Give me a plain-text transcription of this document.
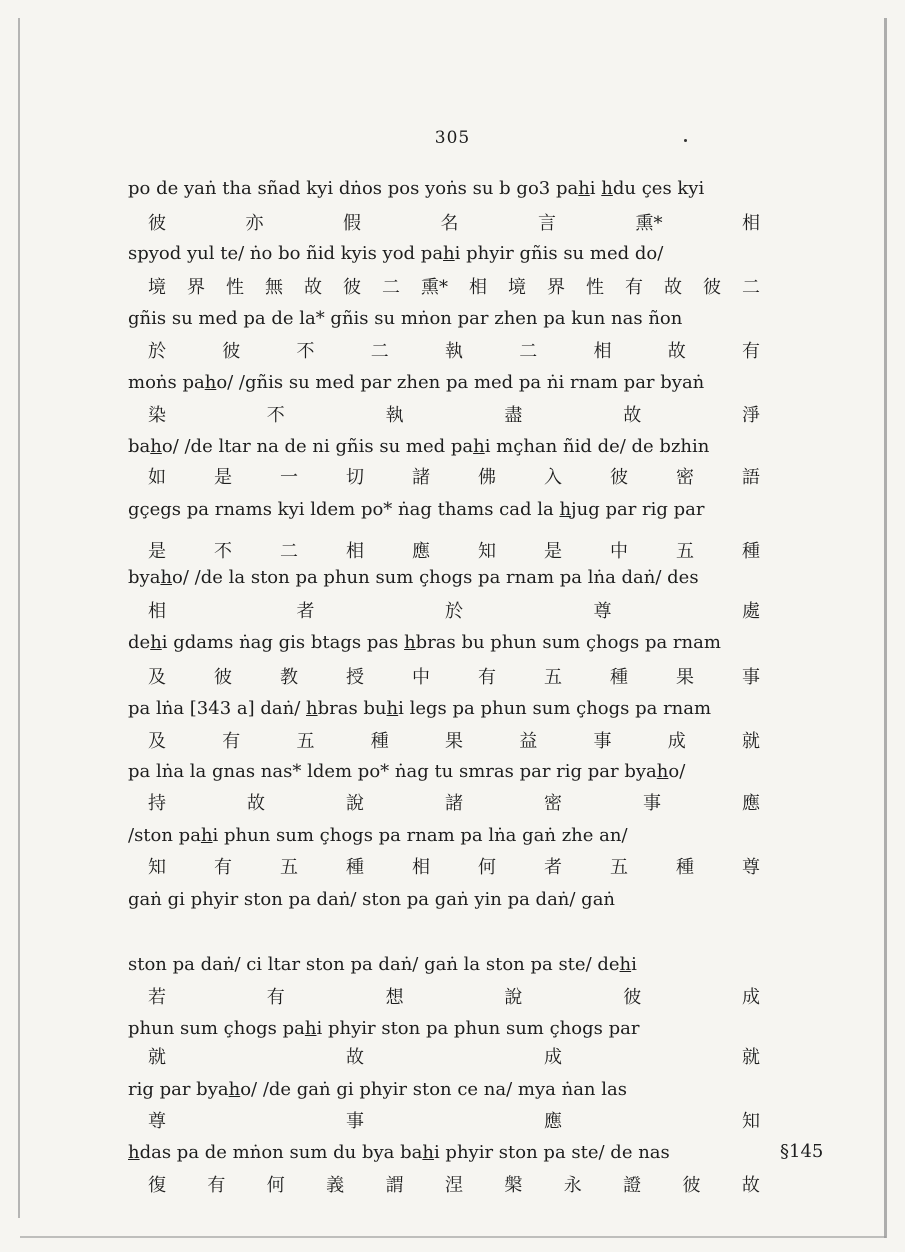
305
po de yaṅ tha sñad kyi dṅos pos yoṅs su b go3 pahi hdu çes kyi
彼	亦	假	名	言	熏*	相
spyod yul te/ ṅo bo ñid kyis yod pahi phyir gñis su med do/
境 界 性 無 故 彼 二 熏* 相 境 界 性 有 故 彼 二
gñis su med pa de la* gñis su mṅon par zhen pa kun nas ñon
於	彼	不	二	執	二	相	故	有
moṅs paho/ /gñis su med par zhen pa med pa ṅi rnam par byaṅ
染	不	執	盡	故	淨
baho/ /de ltar na de ni gñis su med pahi mçhan ñid de/ de bzhin
如	是	一	切	諸	佛	入	彼	密	語
gçegs pa rnams kyi ldem po* ṅag thams cad la hjug par rig par
是	不	二	相	應	知	是	中	五	種
byaho/ /de la ston pa phun sum çhogs pa rnam pa lṅa daṅ/ des
相	者	於	尊	處
dehi gdams ṅag gis btags pas hbras bu phun sum çhogs pa rnam
及	彼	教	授	中	有	五	種	果	事
pa lṅa [343 a] daṅ/ hbras buhi legs pa phun sum çhogs pa rnam
及	有	五	種	果	益	事	成	就
pa lṅa la gnas nas* ldem po* ṅag tu smras par rig par byaho/
持	故	說	諸	密	事	應
/ston pahi phun sum çhogs pa rnam pa lṅa gaṅ zhe an/
知	有	五	種	相	何	者	五	種	尊
gaṅ gi phyir ston pa daṅ/ ston pa gaṅ yin pa daṅ/ gaṅ
ston pa daṅ/ ci ltar ston pa daṅ/ gaṅ la ston pa ste/ dehi
若	有	想	說	彼	成
phun sum çhogs pahi phyir ston pa phun sum çhogs par
就	故	成	就
rig par byaho/ /de gaṅ gi phyir ston ce na/ mya ṅan las
尊	事	應	知
hdas pa de mṅon sum du bya bahi phyir ston pa ste/ de nas
復 有 何 義 謂 涅 槃 永 證 彼 故
§145
